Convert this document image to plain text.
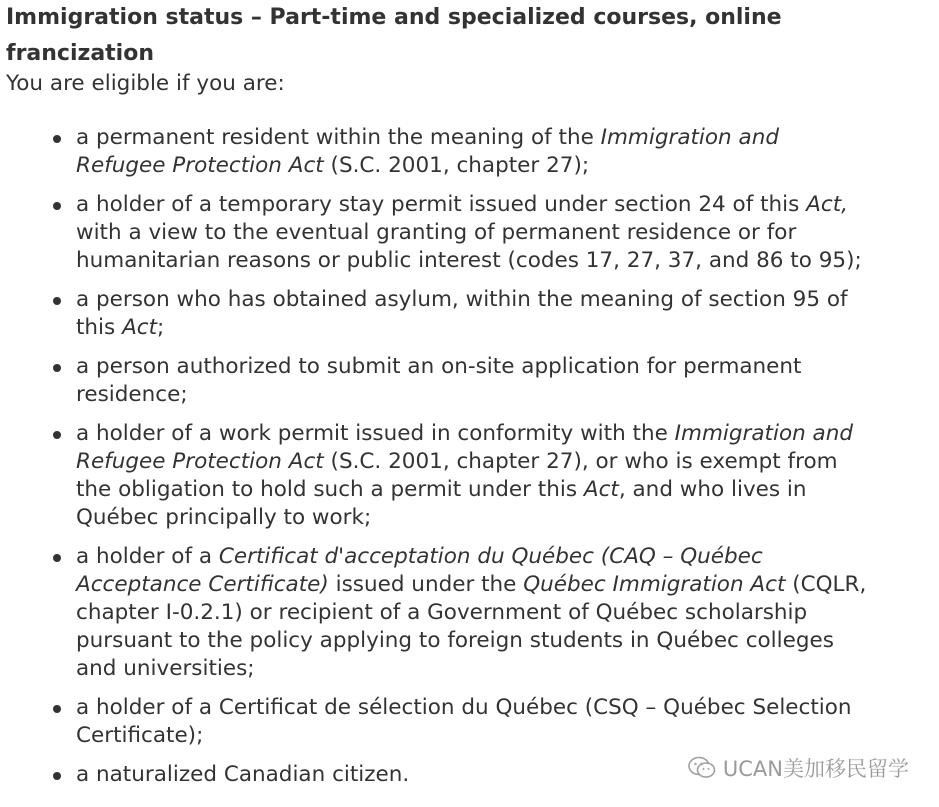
Immigration status – Part-time and specialized courses, online
francization

You are eligible if you are:

a permanent resident within the meaning of the Immigration and
Refugee Protection Act (S.C. 2001, chapter 27);
a holder of a temporary stay permit issued under section 24 of this Act,
with a view to the eventual granting of permanent residence or for
humanitarian reasons or public interest (codes 17, 27, 37, and 86 to 95);
a person who has obtained asylum, within the meaning of section 95 of
this Act;
a person authorized to submit an on-site application for permanent
residence;
a holder of a work permit issued in conformity with the Immigration and
Refugee Protection Act (S.C. 2001, chapter 27), or who is exempt from
the obligation to hold such a permit under this Act, and who lives in
Québec principally to work;
a holder of a Certificat d'acceptation du Québec (CAQ – Québec
Acceptance Certificate) issued under the Québec Immigration Act (CQLR,
chapter I-0.2.1) or recipient of a Government of Québec scholarship
pursuant to the policy applying to foreign students in Québec colleges
and universities;
a holder of a Certificat de sélection du Québec (CSQ – Québec Selection
Certificate);
a naturalized Canadian citizen.	UCAN美加移民留学
